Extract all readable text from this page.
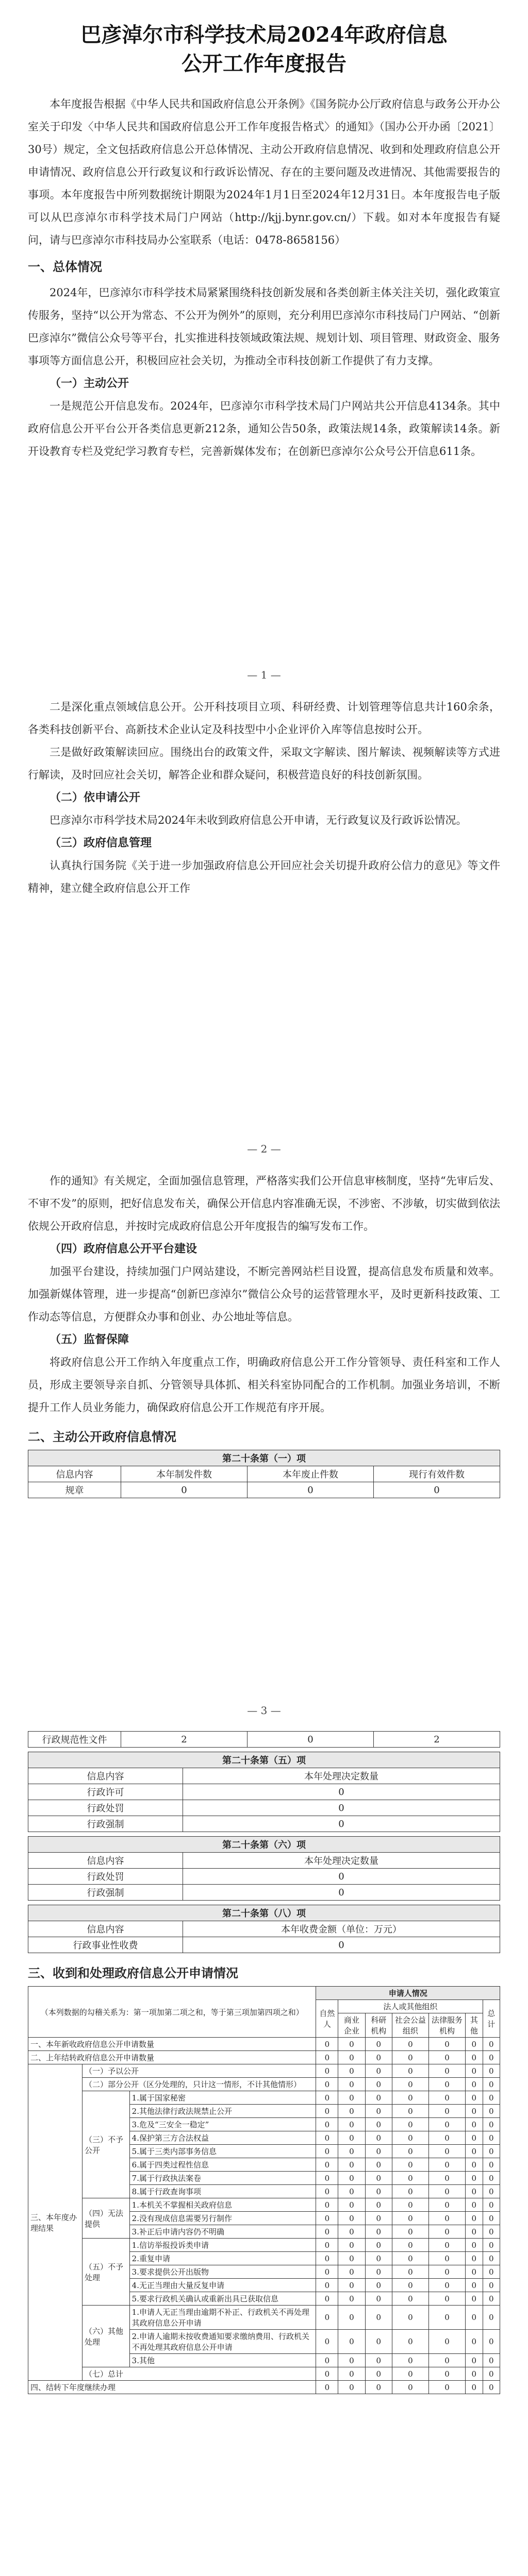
巴彦淖尔市科学技术局2024年政府信息
公开工作年度报告

本年度报告根据《中华人民共和国政府信息公开条例》《国务院办公厅政府信息与政务公开办公室关于印发〈中华人民共和国政府信息公开工作年度报告格式〉的通知》（国办公开办函〔2021〕30号）规定，全文包括政府信息公开总体情况、主动公开政府信息情况、收到和处理政府信息公开申请情况、政府信息公开行政复议和行政诉讼情况、存在的主要问题及改进情况、其他需要报告的事项。本年度报告中所列数据统计期限为2024年1月1日至2024年12月31日。本年度报告电子版可以从巴彦淖尔市科学技术局门户网站（http://kjj.bynr.gov.cn/）下载。如对本年度报告有疑问，请与巴彦淖尔市科技局办公室联系（电话：0478-8658156）

一、总体情况

2024年，巴彦淖尔市科学技术局紧紧围绕科技创新发展和各类创新主体关注关切，强化政策宣传服务，坚持“以公开为常态、不公开为例外”的原则，充分利用巴彦淖尔市科技局门户网站、“创新巴彦淖尔”微信公众号等平台，扎实推进科技领域政策法规、规划计划、项目管理、财政资金、服务事项等方面信息公开，积极回应社会关切，为推动全市科技创新工作提供了有力支撑。

（一）主动公开

一是规范公开信息发布。2024年，巴彦淖尔市科学技术局门户网站共公开信息4134条。其中政府信息公开平台公开各类信息更新212条，通知公告50条，政策法规14条，政策解读14条。新开设教育专栏及党纪学习教育专栏，完善新媒体发布；在创新巴彦淖尔公众号公开信息611条。

— 1 —

二是深化重点领域信息公开。公开科技项目立项、科研经费、计划管理等信息共计160余条，各类科技创新平台、高新技术企业认定及科技型中小企业评价入库等信息按时公开。

三是做好政策解读回应。围绕出台的政策文件，采取文字解读、图片解读、视频解读等方式进行解读，及时回应社会关切，解答企业和群众疑问，积极营造良好的科技创新氛围。

（二）依申请公开

巴彦淖尔市科学技术局2024年未收到政府信息公开申请，无行政复议及行政诉讼情况。

（三）政府信息管理

认真执行国务院《关于进一步加强政府信息公开回应社会关切提升政府公信力的意见》等文件精神，建立健全政府信息公开工作

— 2 —

作的通知》有关规定，全面加强信息管理，严格落实我们公开信息审核制度，坚持“先审后发、不审不发”的原则，把好信息发布关，确保公开信息内容准确无误，不涉密、不涉敏，切实做到依法依规公开政府信息，并按时完成政府信息公开年度报告的编写发布工作。

（四）政府信息公开平台建设

加强平台建设，持续加强门户网站建设，不断完善网站栏目设置，提高信息发布质量和效率。加强新媒体管理，进一步提高“创新巴彦淖尔”微信公众号的运营管理水平，及时更新科技政策、工作动态等信息，方便群众办事和创业、办公地址等信息。

（五）监督保障

将政府信息公开工作纳入年度重点工作，明确政府信息公开工作分管领导、责任科室和工作人员，形成主要领导亲自抓、分管领导具体抓、相关科室协同配合的工作机制。加强业务培训，不断提升工作人员业务能力，确保政府信息公开工作规范有序开展。

二、主动公开政府信息情况
第二十条第（一）项			
信息内容	本年制发件数	本年废止件数	现行有效件数
规章	0	0	0
— 3 —
行政规范性文件	2	0	2
第二十条第（五）项	
信息内容	本年处理决定数量
行政许可	0
行政处罚	0
行政强制	0
第二十条第（六）项	
信息内容	本年处理决定数量
行政处罚	0
行政强制	0
第二十条第（八）项	
信息内容	本年收费金额（单位：万元）
行政事业性收费	0
三、收到和处理政府信息公开申请情况
（本列数据的勾稽关系为：第一项加第二项之和，等于第三项加第四项之和）			申请人情况						
			自然人	法人或其他组织					总计
				商业企业	科研机构	社会公益组织	法律服务机构	其他	
一、本年新收政府信息公开申请数量			0	0	0	0	0	0	0
二、上年结转政府信息公开申请数量			0	0	0	0	0	0	0
三、本年度办理结果	（一）予以公开		0	0	0	0	0	0	0
	（二）部分公开（区分处理的，只计这一情形，不计其他情形）		0	0	0	0	0	0	0
	（三）不予公开	1.属于国家秘密	0	0	0	0	0	0	0
		2.其他法律行政法规禁止公开	0	0	0	0	0	0	0
		3.危及“三安全一稳定”	0	0	0	0	0	0	0
		4.保护第三方合法权益	0	0	0	0	0	0	0
		5.属于三类内部事务信息	0	0	0	0	0	0	0
		6.属于四类过程性信息	0	0	0	0	0	0	0
		7.属于行政执法案卷	0	0	0	0	0	0	0
		8.属于行政查询事项	0	0	0	0	0	0	0
	（四）无法提供	1.本机关不掌握相关政府信息	0	0	0	0	0	0	0
		2.没有现成信息需要另行制作	0	0	0	0	0	0	0
		3.补正后申请内容仍不明确	0	0	0	0	0	0	0
	（五）不予处理	1.信访举报投诉类申请	0	0	0	0	0	0	0
		2.重复申请	0	0	0	0	0	0	0
		3.要求提供公开出版物	0	0	0	0	0	0	0
		4.无正当理由大量反复申请	0	0	0	0	0	0	0
		5.要求行政机关确认或重新出具已获取信息	0	0	0	0	0	0	0
	（六）其他处理	1.申请人无正当理由逾期不补正、行政机关不再处理其政府信息公开申请	0	0	0	0	0	0	0
		2.申请人逾期未按收费通知要求缴纳费用、行政机关不再处理其政府信息公开申请	0	0	0	0	0	0	0
		3.其他	0	0	0	0	0	0	0
	（七）总计		0	0	0	0	0	0	0
四、结转下年度继续办理			0	0	0	0	0	0	0
